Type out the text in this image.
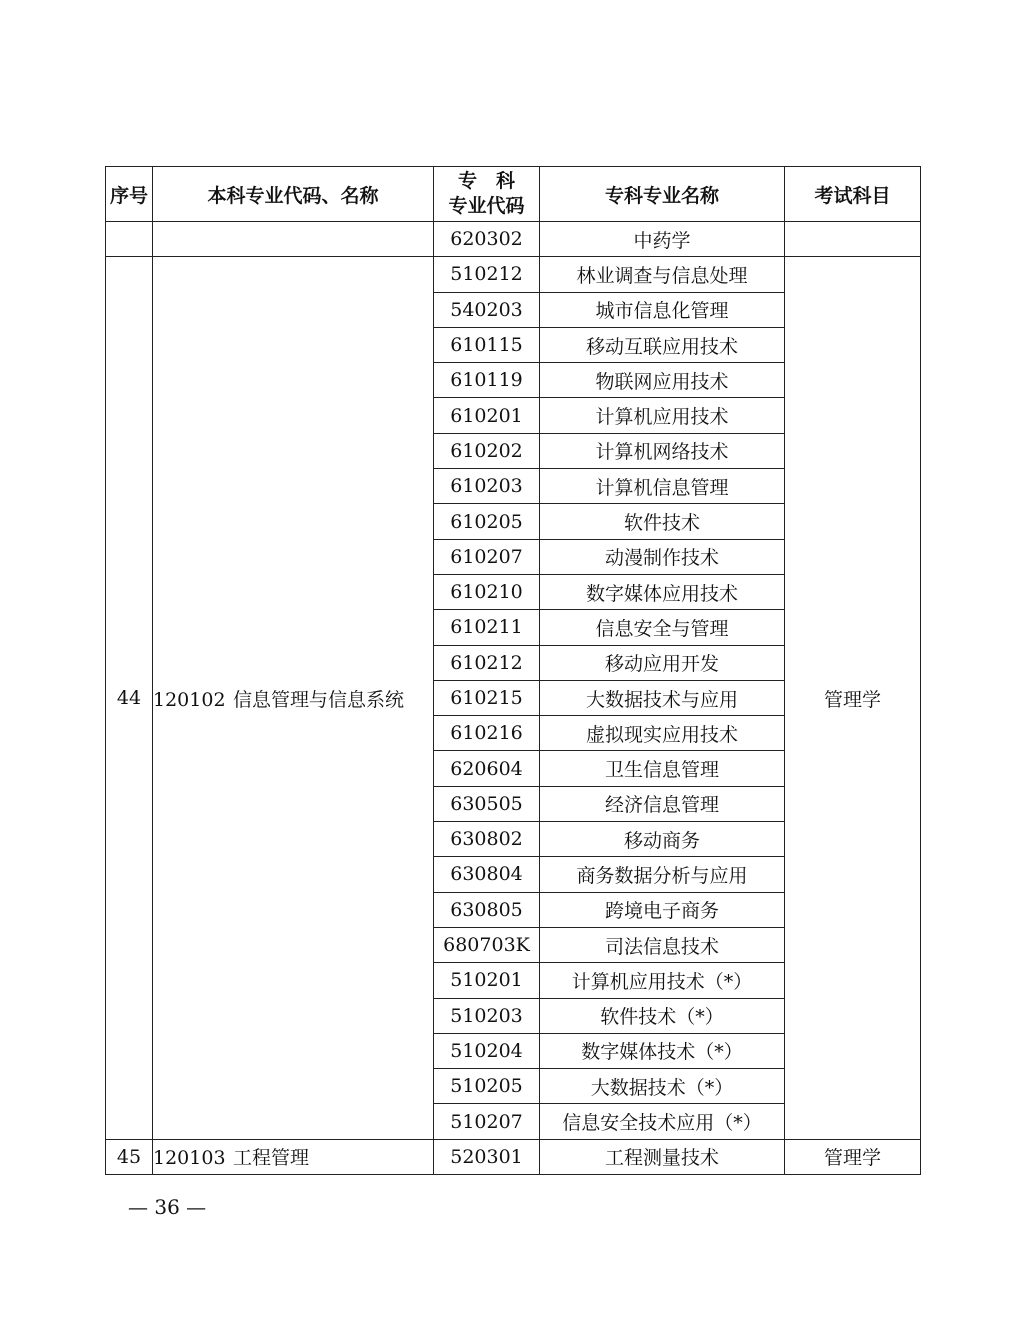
序号	本科专业代码、名称	专　科
专业代码	专科专业名称	考试科目
		620302	中药学	
44	120102 信息管理与信息系统	510212	林业调查与信息处理	管理学
		540203	城市信息化管理	
		610115	移动互联应用技术	
		610119	物联网应用技术	
		610201	计算机应用技术	
		610202	计算机网络技术	
		610203	计算机信息管理	
		610205	软件技术	
		610207	动漫制作技术	
		610210	数字媒体应用技术	
		610211	信息安全与管理	
		610212	移动应用开发	
		610215	大数据技术与应用	
		610216	虚拟现实应用技术	
		620604	卫生信息管理	
		630505	经济信息管理	
		630802	移动商务	
		630804	商务数据分析与应用	
		630805	跨境电子商务	
		680703K	司法信息技术	
		510201	计算机应用技术（*）	
		510203	软件技术（*）	
		510204	数字媒体技术（*）	
		510205	大数据技术（*）	
		510207	信息安全技术应用（*）	
45	120103 工程管理	520301	工程测量技术	管理学
— 36 —
